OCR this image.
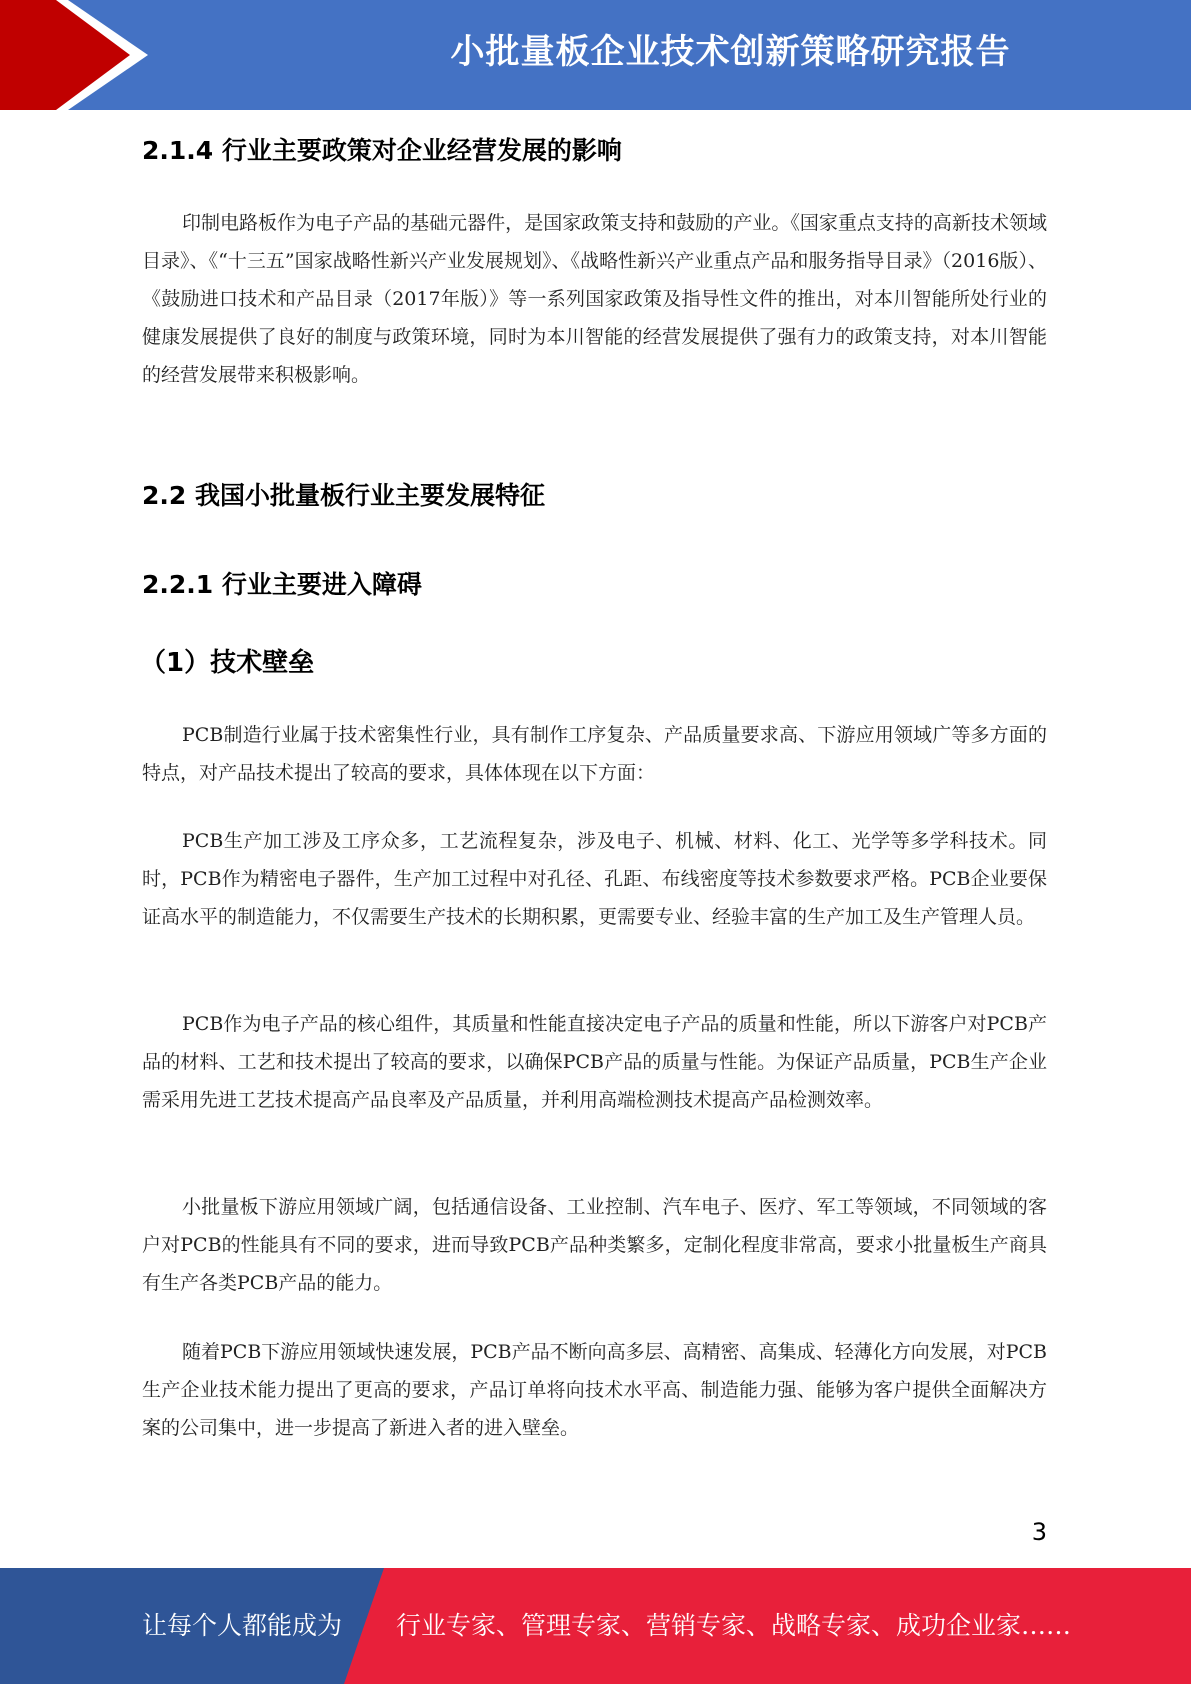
小批量板企业技术创新策略研究报告
2.1.4 行业主要政策对企业经营发展的影响

印制电路板作为电子产品的基础元器件，是国家政策支持和鼓励的产业。《国家重点支持的高新技术领域目录》、《“十三五”国家战略性新兴产业发展规划》、《战略性新兴产业重点产品和服务指导目录》（2016版）、《鼓励进口技术和产品目录（2017年版）》等一系列国家政策及指导性文件的推出，对本川智能所处行业的健康发展提供了良好的制度与政策环境，同时为本川智能的经营发展提供了强有力的政策支持，对本川智能的经营发展带来积极影响。

2.2 我国小批量板行业主要发展特征
2.2.1 行业主要进入障碍
（1）技术壁垒

PCB制造行业属于技术密集性行业，具有制作工序复杂、产品质量要求高、下游应用领域广等多方面的特点，对产品技术提出了较高的要求，具体体现在以下方面：

PCB生产加工涉及工序众多，工艺流程复杂，涉及电子、机械、材料、化工、光学等多学科技术。同时，PCB作为精密电子器件，生产加工过程中对孔径、孔距、布线密度等技术参数要求严格。PCB企业要保证高水平的制造能力，不仅需要生产技术的长期积累，更需要专业、经验丰富的生产加工及生产管理人员。

PCB作为电子产品的核心组件，其质量和性能直接决定电子产品的质量和性能，所以下游客户对PCB产品的材料、工艺和技术提出了较高的要求，以确保PCB产品的质量与性能。为保证产品质量，PCB生产企业需采用先进工艺技术提高产品良率及产品质量，并利用高端检测技术提高产品检测效率。

小批量板下游应用领域广阔，包括通信设备、工业控制、汽车电子、医疗、军工等领域，不同领域的客户对PCB的性能具有不同的要求，进而导致PCB产品种类繁多，定制化程度非常高，要求小批量板生产商具有生产各类PCB产品的能力。

随着PCB下游应用领域快速发展，PCB产品不断向高多层、高精密、高集成、轻薄化方向发展，对PCB生产企业技术能力提出了更高的要求，产品订单将向技术水平高、制造能力强、能够为客户提供全面解决方案的公司集中，进一步提高了新进入者的进入壁垒。

3
让每个人都能成为 行业专家、管理专家、营销专家、战略专家、成功企业家……
